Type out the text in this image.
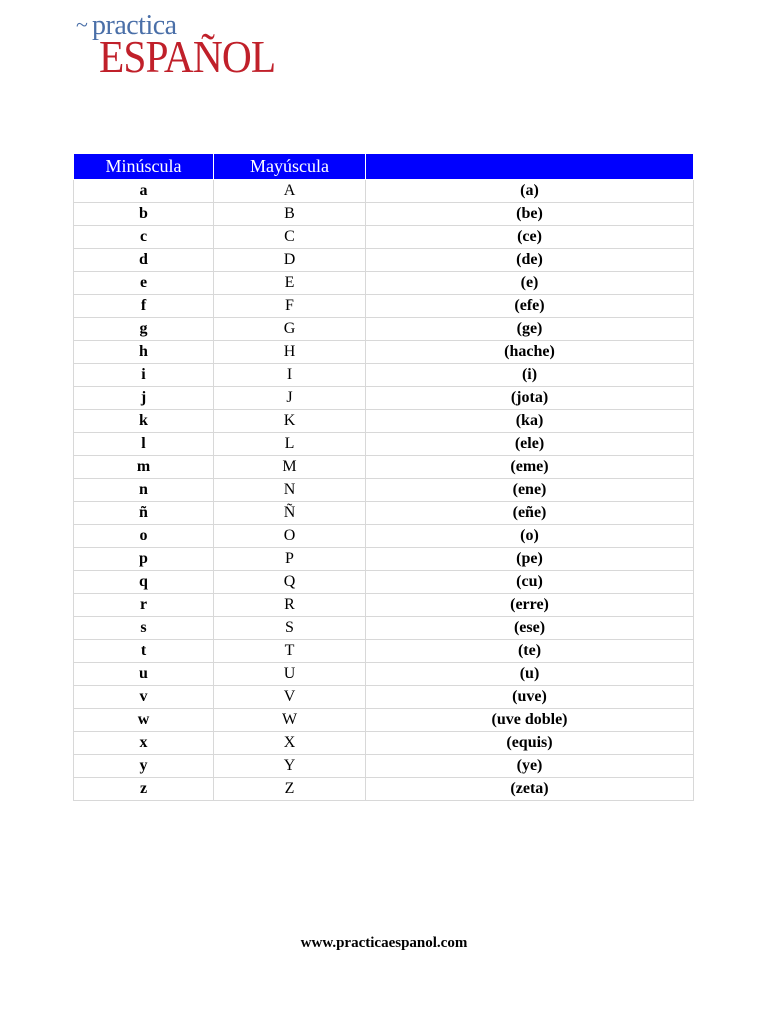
~ practica
ESPAÑOL
Minúscula	Mayúscula	
a	A	(a)
b	B	(be)
c	C	(ce)
d	D	(de)
e	E	(e)
f	F	(efe)
g	G	(ge)
h	H	(hache)
i	I	(i)
j	J	(jota)
k	K	(ka)
l	L	(ele)
m	M	(eme)
n	N	(ene)
ñ	Ñ	(eñe)
o	O	(o)
p	P	(pe)
q	Q	(cu)
r	R	(erre)
s	S	(ese)
t	T	(te)
u	U	(u)
v	V	(uve)
w	W	(uve doble)
x	X	(equis)
y	Y	(ye)
z	Z	(zeta)
www.practicaespanol.com
